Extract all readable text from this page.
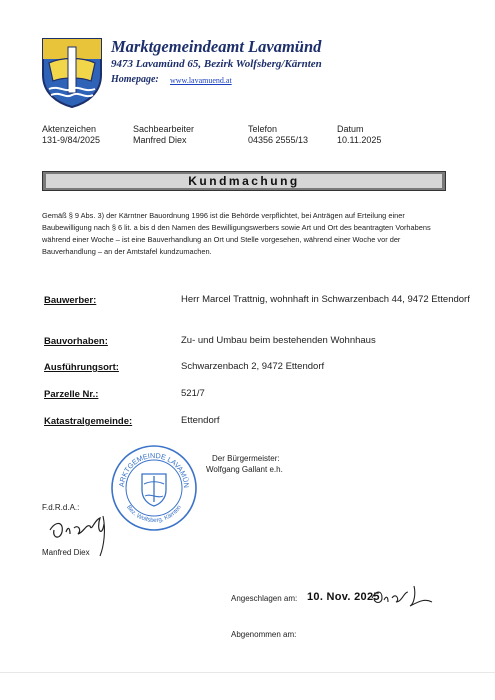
Marktgemeindeamt Lavamünd
9473 Lavamünd 65, Bezirk Wolfsberg/Kärnten
Homepage: www.lavamuend.at
Aktenzeichen
131-9/84/2025
Sachbearbeiter
Manfred Diex
Telefon
04356 2555/13
Datum
10.11.2025
Kundmachung
Gemäß § 9 Abs. 3) der Kärntner Bauordnung 1996 ist die Behörde verpflichtet, bei Anträgen auf Erteilung einer Baubewilligung nach § 6 lit. a bis d den Namen des Bewilligungswerbers sowie Art und Ort des beantragten Vorhabens während einer Woche – ist eine Bauverhandlung an Ort und Stelle vorgesehen, während einer Woche vor der Bauverhandlung – an der Amtstafel kundzumachen.
Bauwerber:	Herr Marcel Trattnig, wohnhaft in Schwarzenbach 44, 9472 Ettendorf
Bauvorhaben:	Zu- und Umbau beim bestehenden Wohnhaus
Ausführungsort:	Schwarzenbach 2, 9472 Ettendorf
Parzelle Nr.:	521/7
Katastralgemeinde:	Ettendorf
ARKTGEMEINDE LAVAMÜN
Bez. Wolfsberg, Kärnten
Der Bürgermeister:
Wolfgang Gallant e.h.
F.d.R.d.A.:
Manfred Diex
Angeschlagen am: 10. Nov. 2025
Abgenommen am:
